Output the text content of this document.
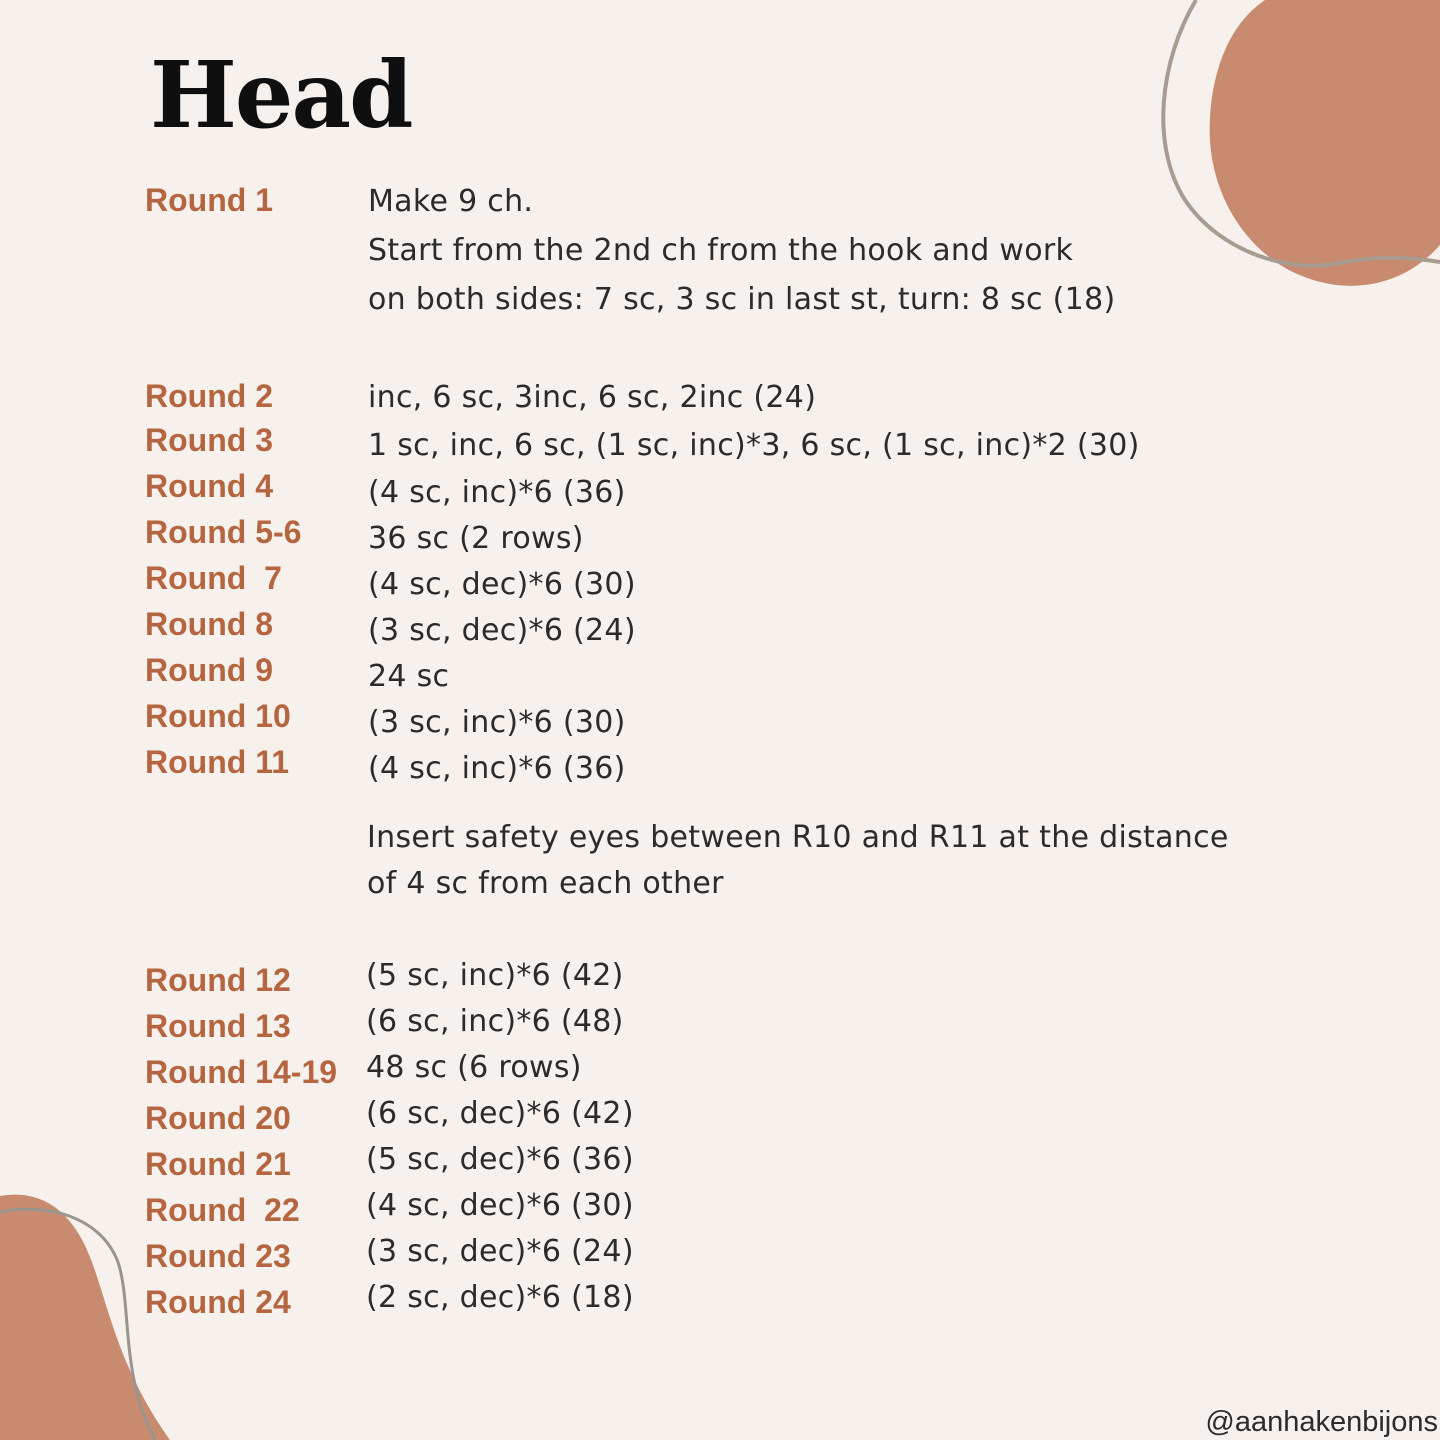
Head
Round 1	Make 9 ch.
Start from the 2nd ch from the hook and work
on both sides: 7 sc, 3 sc in last st, turn: 8 sc (18)
Round 2	inc, 6 sc, 3inc, 6 sc, 2inc (24)
Round 3	1 sc, inc, 6 sc, (1 sc, inc)*3, 6 sc, (1 sc, inc)*2 (30)
Round 4	(4 sc, inc)*6 (36)
Round 5-6 36 sc (2 rows)
Round  7	(4 sc, dec)*6 (30)
Round 8	(3 sc, dec)*6 (24)
Round 9	24 sc
Round 10	(3 sc, inc)*6 (30)
Round 11	(4 sc, inc)*6 (36)
Insert safety eyes between R10 and R11 at the distance
of 4 sc from each other
Round 12	(5 sc, inc)*6 (42)
Round 13	(6 sc, inc)*6 (48)
Round 14-19 48 sc (6 rows)
Round 20	(6 sc, dec)*6 (42)
Round 21	(5 sc, dec)*6 (36)
Round  22 (4 sc, dec)*6 (30)
Round 23	(3 sc, dec)*6 (24)
Round 24	(2 sc, dec)*6 (18)
@aanhakenbijons
